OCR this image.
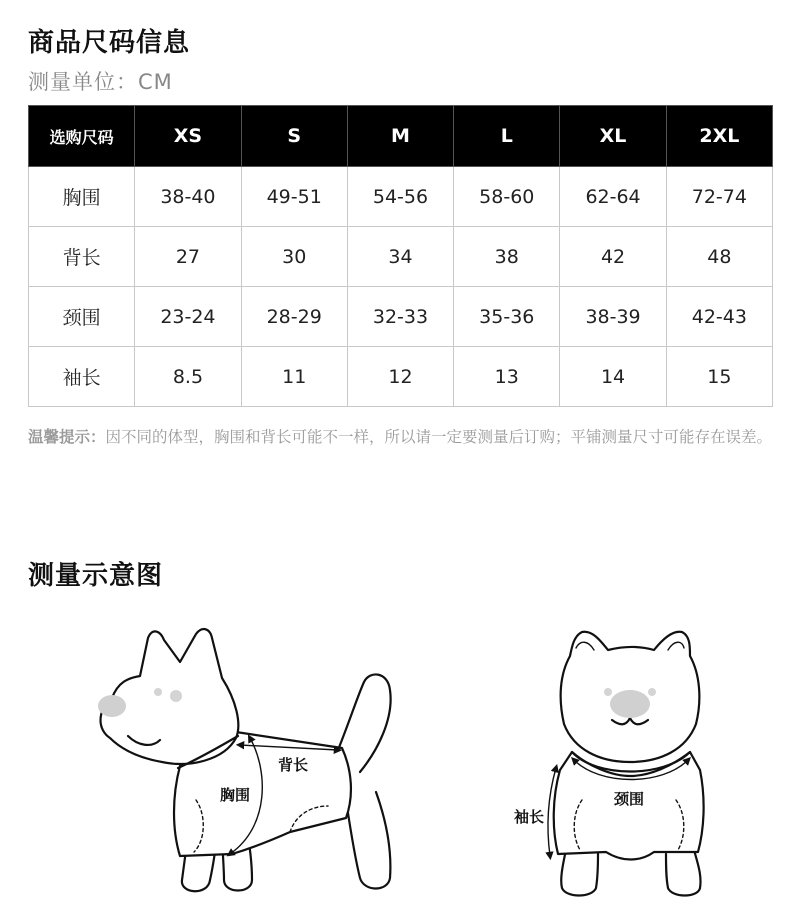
商品尺码信息
测量单位：CM
选购尺码	XS	S	M	L	XL	2XL
胸围	38-40	49-51	54-56	58-60	62-64	72-74
背长	27	30	34	38	42	48
颈围	23-24	28-29	32-33	35-36	38-39	42-43
袖长	8.5	11	12	13	14	15
温馨提示：因不同的体型，胸围和背长可能不一样，所以请一定要测量后订购；平铺测量尺寸可能存在误差。
测量示意图
背长
胸围	颈围
袖长
